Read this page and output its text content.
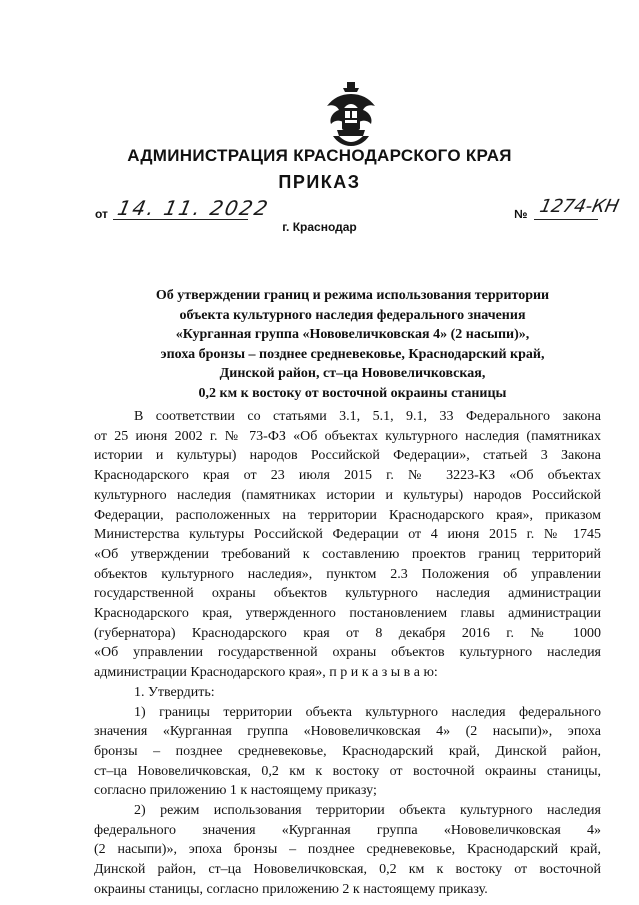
АДМИНИСТРАЦИЯ КРАСНОДАРСКОГО КРАЯ
ПРИКАЗ
от 14. 11. 2022	№ 1274-КН
г. Краснодар
Об утверждении границ и режима использования территории
объекта культурного наследия федерального значения
«Курганная группа «Нововеличковская 4» (2 насыпи)»,
эпоха бронзы – позднее средневековье, Краснодарский край,
Динской район, ст–ца Нововеличковская,
0,2 км к востоку от восточной окраины станицы
В соответствии со статьями 3.1, 5.1, 9.1, 33 Федерального закона
от 25 июня 2002 г. № 73-ФЗ «Об объектах культурного наследия (памятниках
истории и культуры) народов Российской Федерации», статьей 3 Закона
Краснодарского края от 23 июля 2015 г. № 3223-КЗ «Об объектах
культурного наследия (памятниках истории и культуры) народов Российской
Федерации, расположенных на территории Краснодарского края», приказом
Министерства культуры Российской Федерации от 4 июня 2015 г. № 1745
«Об утверждении требований к составлению проектов границ территорий
объектов культурного наследия», пунктом 2.3 Положения об управлении
государственной охраны объектов культурного наследия администрации
Краснодарского края, утвержденного постановлением главы администрации
(губернатора) Краснодарского края от 8 декабря 2016 г. № 1000
«Об управлении государственной охраны объектов культурного наследия
администрации Краснодарского края», п р и к а з ы в а ю:
1. Утвердить:
1) границы территории объекта культурного наследия федерального
значения «Курганная группа «Нововеличковская 4» (2 насыпи)», эпоха
бронзы – позднее средневековье, Краснодарский край, Динской район,
ст–ца Нововеличковская, 0,2 км к востоку от восточной окраины станицы,
согласно приложению 1 к настоящему приказу;
2) режим использования территории объекта культурного наследия
федерального значения «Курганная группа «Нововеличковская 4»
(2 насыпи)», эпоха бронзы – позднее средневековье, Краснодарский край,
Динской район, ст–ца Нововеличковская, 0,2 км к востоку от восточной
окраины станицы, согласно приложению 2 к настоящему приказу.
